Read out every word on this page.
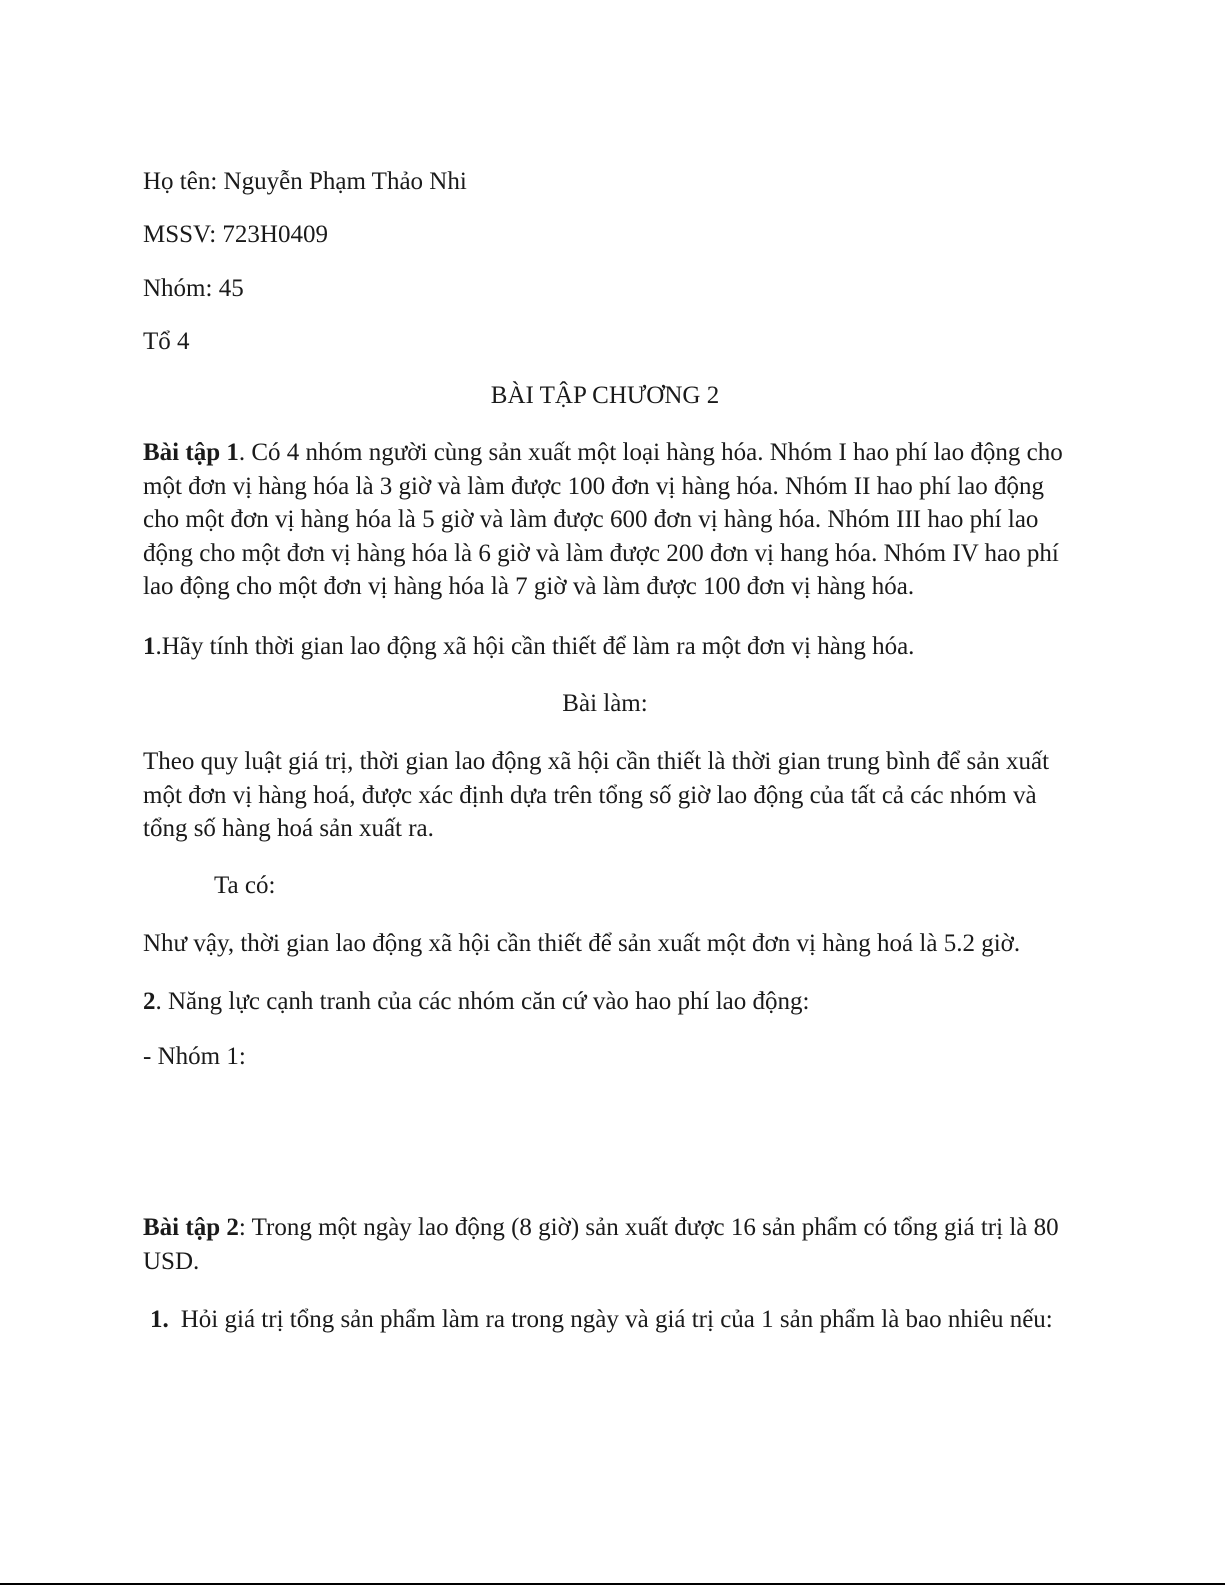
Họ tên: Nguyễn Phạm Thảo Nhi
MSSV: 723H0409
Nhóm: 45
Tổ 4
BÀI TẬP CHƯƠNG 2
Bài tập 1. Có 4 nhóm người cùng sản xuất một loại hàng hóa. Nhóm I hao phí lao động cho một đơn vị hàng hóa là 3 giờ và làm được 100 đơn vị hàng hóa. Nhóm II hao phí lao động cho một đơn vị hàng hóa là 5 giờ và làm được 600 đơn vị hàng hóa. Nhóm III hao phí lao động cho một đơn vị hàng hóa là 6 giờ và làm được 200 đơn vị hang hóa. Nhóm IV hao phí lao động cho một đơn vị hàng hóa là 7 giờ và làm được 100 đơn vị hàng hóa.
1.Hãy tính thời gian lao động xã hội cần thiết để làm ra một đơn vị hàng hóa.
Bài làm:
Theo quy luật giá trị, thời gian lao động xã hội cần thiết là thời gian trung bình để sản xuất một đơn vị hàng hoá, được xác định dựa trên tổng số giờ lao động của tất cả các nhóm và tổng số hàng hoá sản xuất ra.
Ta có:
Như vậy, thời gian lao động xã hội cần thiết để sản xuất một đơn vị hàng hoá là 5.2 giờ.
2. Năng lực cạnh tranh của các nhóm căn cứ vào hao phí lao động:
- Nhóm 1:
Bài tập 2: Trong một ngày lao động (8 giờ) sản xuất được 16 sản phẩm có tổng giá trị là 80 USD.
1. Hỏi giá trị tổng sản phẩm làm ra trong ngày và giá trị của 1 sản phẩm là bao nhiêu nếu:
